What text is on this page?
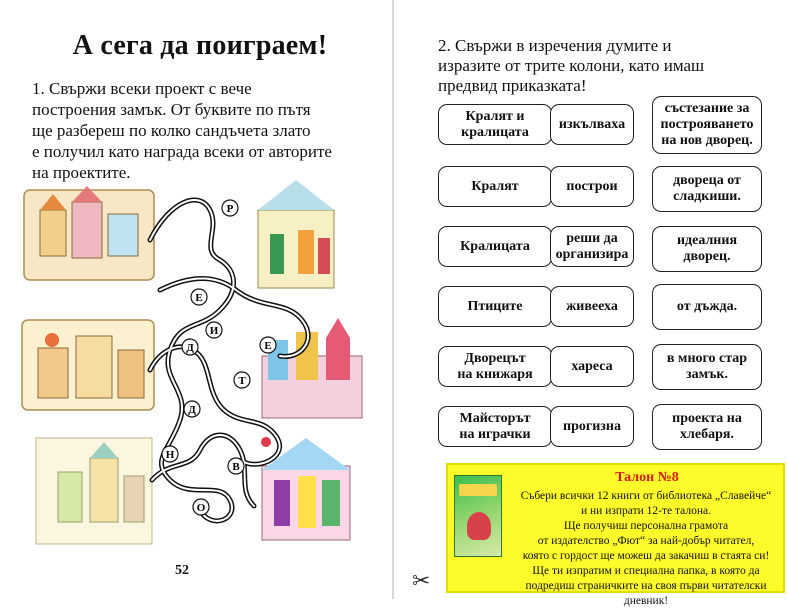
А сега да поиграем!
1. Свържи всеки проект с вече
построения замък. От буквите по пътя
ще разбереш по колко сандъчета злато
е получил като награда всеки от авторите
на проектите.
Р
Е
И
Д	Е
Т
Д
Н
В
О
52
2. Свържи в изречения думите и
изразите от трите колони, като имаш
предвид приказката!
Кралят и
кралицата
Кралят
Кралицата
Птиците
Дворецът
на книжаря
Майсторът
на играчки
изкълваха
построи
реши да
организира
живееха
хареса
прогизна
състезание за
построяването
на нов дворец.
двореца от
сладкиши.
идеалния
дворец.
от дъжда.
в много стар
замък.
проекта на
хлебаря.
✂
Талон №8
Събери всички 12 книги от библиотека „Славейче“
и ни изпрати 12-те талона.
Ще получиш персонална грамота
от издателство „Фют“ за най-добър читател,
която с гордост ще можеш да закачиш в стаята си!
Ще ти изпратим и специална папка, в която да
подредиш страничките на своя първи читателски дневник!
